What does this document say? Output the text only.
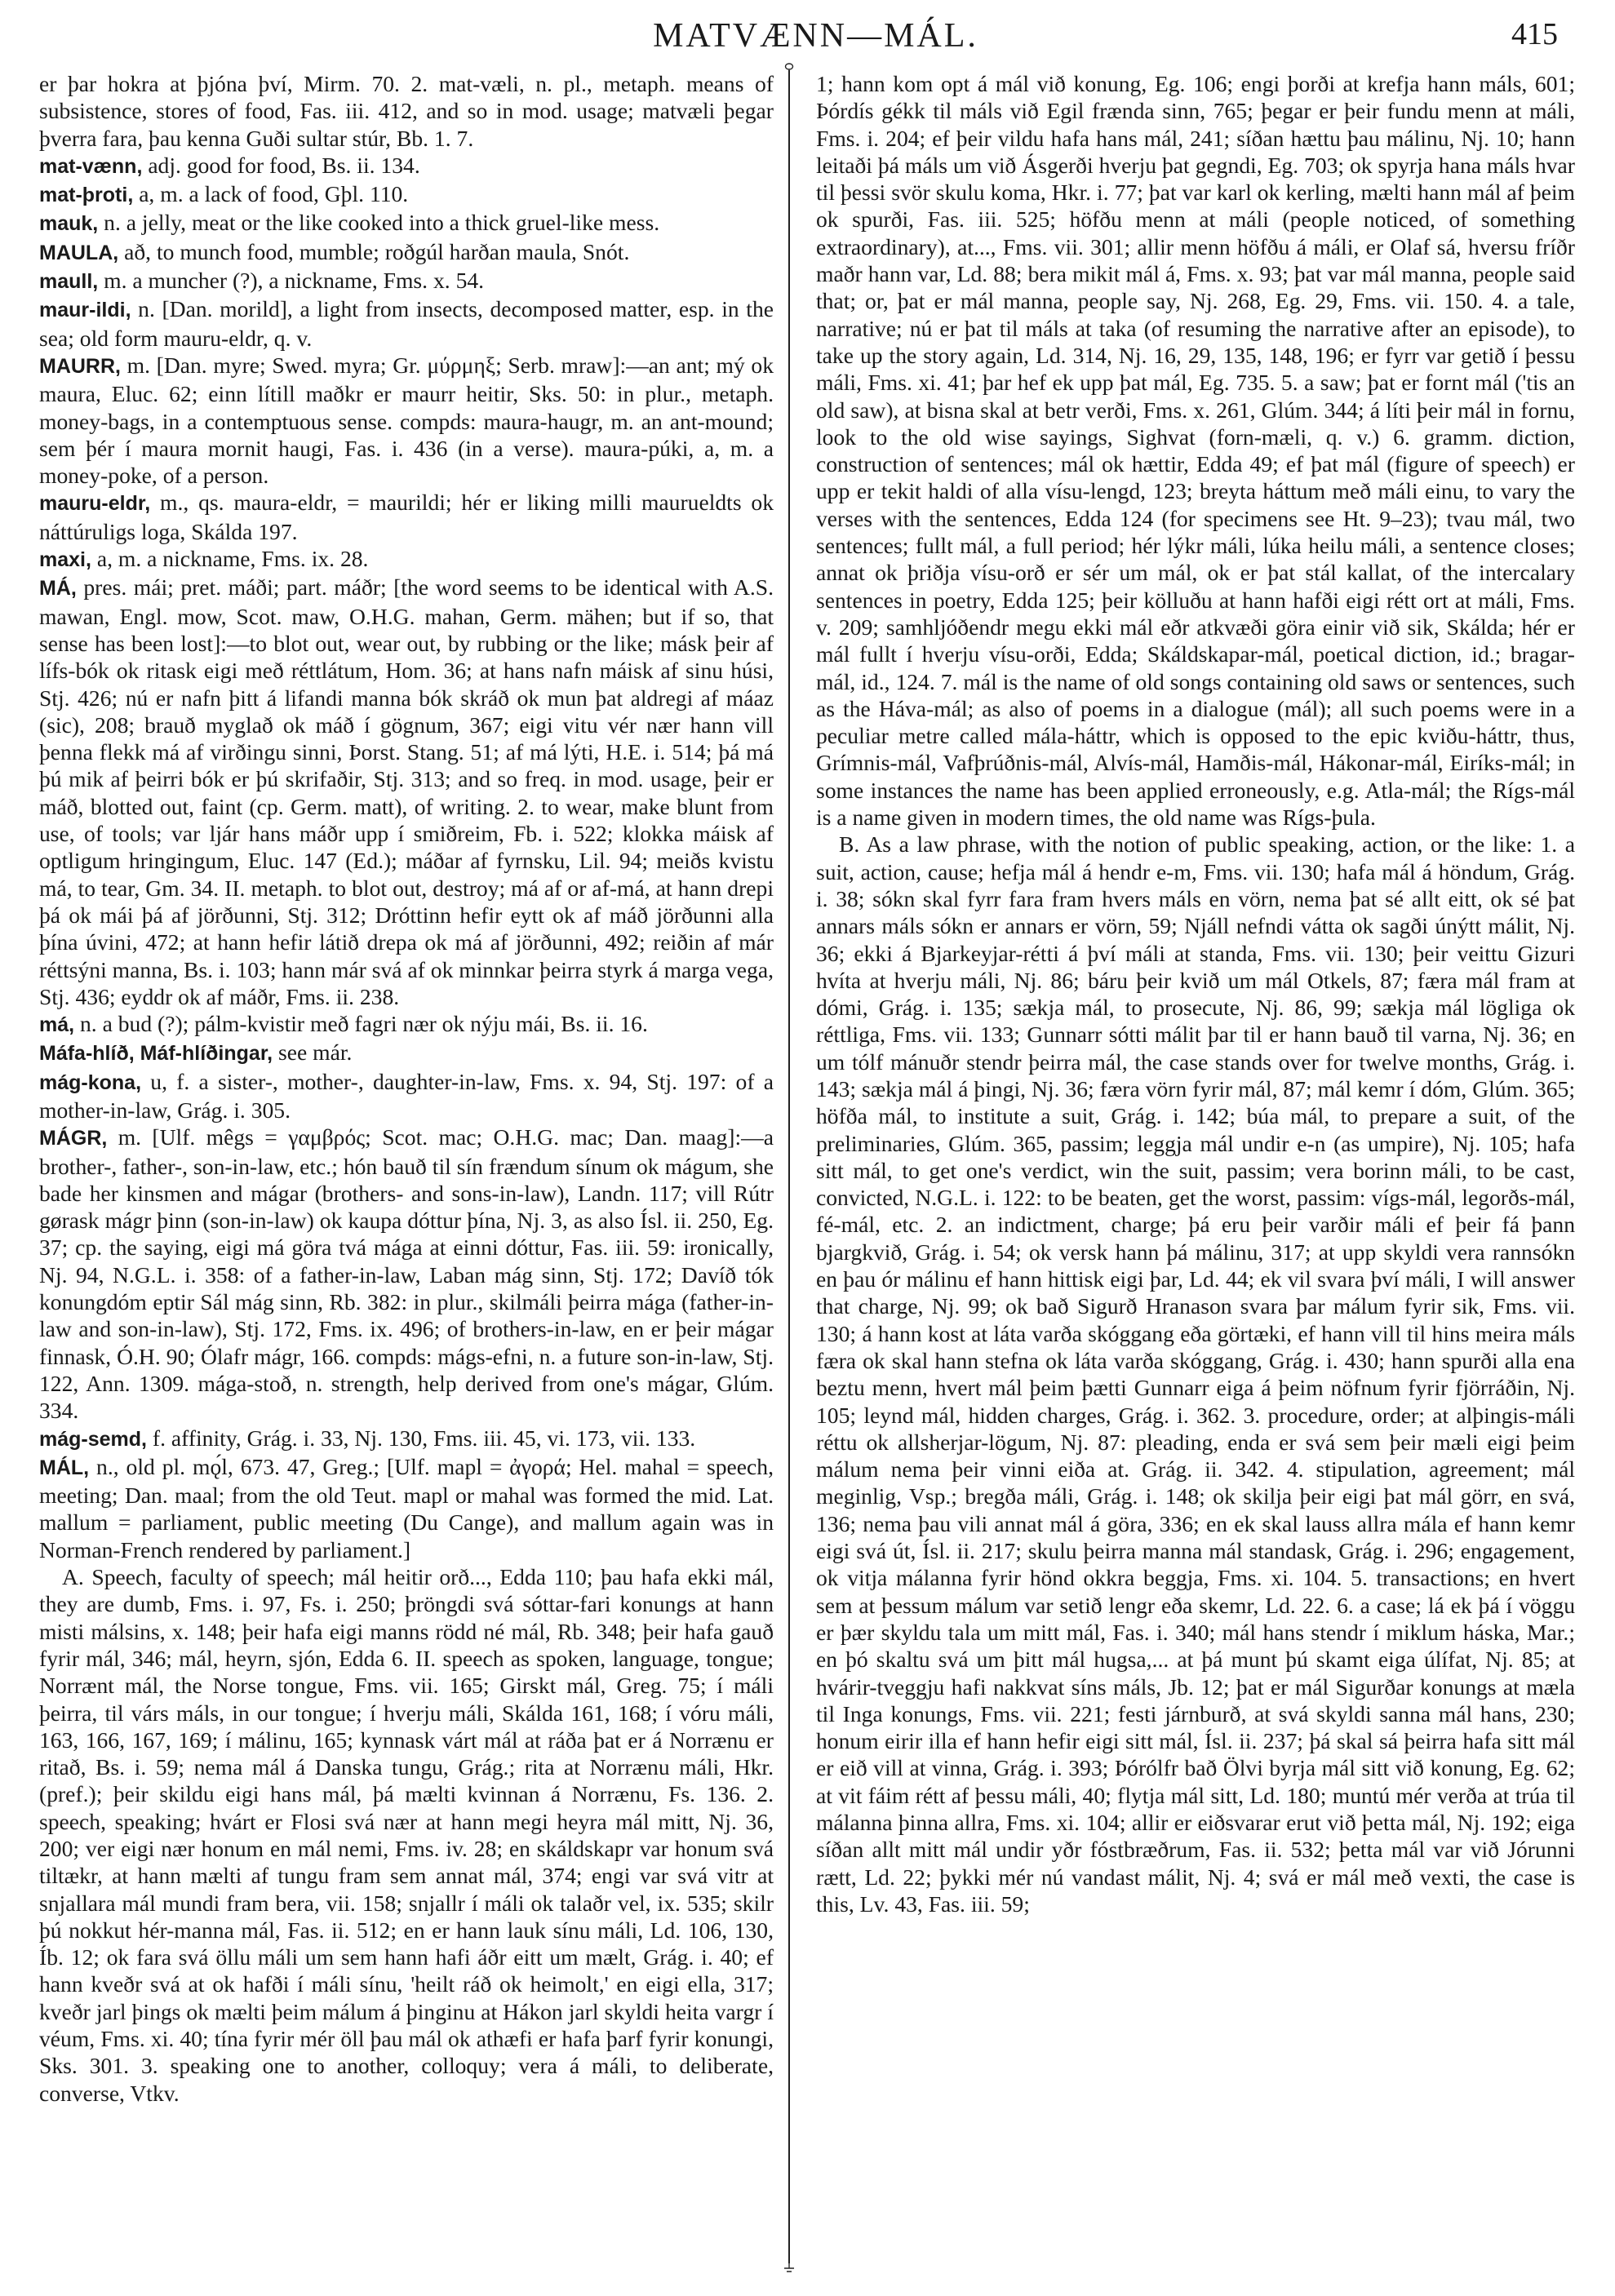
MATVÆNN—MÁL.	415

er þar hokra at þjóna því, Mirm. 70. 2. mat-væli, n. pl., metaph. means of subsistence, stores of food, Fas. iii. 412, and so in mod. usage; matvæli þegar þverra fara, þau kenna Guði sultar stúr, Bb. 1. 7.

mat-vænn, adj. good for food, Bs. ii. 134.

mat-þroti, a, m. a lack of food, Gþl. 110.

mauk, n. a jelly, meat or the like cooked into a thick gruel-like mess.

MAULA, að, to munch food, mumble; roðgúl harðan maula, Snót.

maull, m. a muncher (?), a nickname, Fms. x. 54.

maur-ildi, n. [Dan. morild], a light from insects, decomposed matter, esp. in the sea; old form mauru-eldr, q. v.

MAURR, m. [Dan. myre; Swed. myra; Gr. μύρμηξ; Serb. mraw]:—an ant; mý ok maura, Eluc. 62; einn lítill maðkr er maurr heitir, Sks. 50: in plur., metaph. money-bags, in a contemptuous sense. compds: maura-haugr, m. an ant-mound; sem þér í maura mornit haugi, Fas. i. 436 (in a verse). maura-púki, a, m. a money-poke, of a person.

mauru-eldr, m., qs. maura-eldr, = maurildi; hér er liking milli maurueldts ok náttúruligs loga, Skálda 197.

maxi, a, m. a nickname, Fms. ix. 28.

MÁ, pres. mái; pret. máði; part. máðr; [the word seems to be identical with A.S. mawan, Engl. mow, Scot. maw, O.H.G. mahan, Germ. mähen; but if so, that sense has been lost]:—to blot out, wear out, by rubbing or the like; másk þeir af lífs-bók ok ritask eigi með réttlátum, Hom. 36; at hans nafn máisk af sinu húsi, Stj. 426; nú er nafn þitt á lifandi manna bók skráð ok mun þat aldregi af máaz (sic), 208; brauð myglað ok máð í gögnum, 367; eigi vitu vér nær hann vill þenna flekk má af virðingu sinni, Þorst. Stang. 51; af má lýti, H.E. i. 514; þá má þú mik af þeirri bók er þú skrifaðir, Stj. 313; and so freq. in mod. usage, þeir er máð, blotted out, faint (cp. Germ. matt), of writing. 2. to wear, make blunt from use, of tools; var ljár hans máðr upp í smiðreim, Fb. i. 522; klokka máisk af optligum hringingum, Eluc. 147 (Ed.); máðar af fyrnsku, Lil. 94; meiðs kvistu má, to tear, Gm. 34. II. metaph. to blot out, destroy; má af or af-má, at hann drepi þá ok mái þá af jörðunni, Stj. 312; Dróttinn hefir eytt ok af máð jörðunni alla þína úvini, 472; at hann hefir látið drepa ok má af jörðunni, 492; reiðin af már réttsýni manna, Bs. i. 103; hann már svá af ok minnkar þeirra styrk á marga vega, Stj. 436; eyddr ok af máðr, Fms. ii. 238.

má, n. a bud (?); pálm-kvistir með fagri nær ok nýju mái, Bs. ii. 16.

Máfa-hlíð, Máf-hlíðingar, see már.

mág-kona, u, f. a sister-, mother-, daughter-in-law, Fms. x. 94, Stj. 197: of a mother-in-law, Grág. i. 305.

MÁGR, m. [Ulf. mêgs = γαμβρός; Scot. mac; O.H.G. mac; Dan. maag]:—a brother-, father-, son-in-law, etc.; hón bauð til sín frændum sínum ok mágum, she bade her kinsmen and mágar (brothers- and sons-in-law), Landn. 117; vill Rútr gørask mágr þinn (son-in-law) ok kaupa dóttur þína, Nj. 3, as also Ísl. ii. 250, Eg. 37; cp. the saying, eigi má göra tvá mága at einni dóttur, Fas. iii. 59: ironically, Nj. 94, N.G.L. i. 358: of a father-in-law, Laban mág sinn, Stj. 172; Davíð tók konungdóm eptir Sál mág sinn, Rb. 382: in plur., skilmáli þeirra mága (father-in-law and son-in-law), Stj. 172, Fms. ix. 496; of brothers-in-law, en er þeir mágar finnask, Ó.H. 90; Ólafr mágr, 166. compds: mágs-efni, n. a future son-in-law, Stj. 122, Ann. 1309. mága-stoð, n. strength, help derived from one's mágar, Glúm. 334.

mág-semd, f. affinity, Grág. i. 33, Nj. 130, Fms. iii. 45, vi. 173, vii. 133.

MÁL, n., old pl. mǫ́l, 673. 47, Greg.; [Ulf. mapl = ἀγορά; Hel. mahal = speech, meeting; Dan. maal; from the old Teut. mapl or mahal was formed the mid. Lat. mallum = parliament, public meeting (Du Cange), and mallum again was in Norman-French rendered by parliament.]

A. Speech, faculty of speech; mál heitir orð..., Edda 110; þau hafa ekki mál, they are dumb, Fms. i. 97, Fs. i. 250; þröngdi svá sóttar-fari konungs at hann misti málsins, x. 148; þeir hafa eigi manns rödd né mál, Rb. 348; þeir hafa gauð fyrir mál, 346; mál, heyrn, sjón, Edda 6. II. speech as spoken, language, tongue; Norrænt mál, the Norse tongue, Fms. vii. 165; Girskt mál, Greg. 75; í máli þeirra, til várs máls, in our tongue; í hverju máli, Skálda 161, 168; í vóru máli, 163, 166, 167, 169; í málinu, 165; kynnask várt mál at ráða þat er á Norrænu er ritað, Bs. i. 59; nema mál á Danska tungu, Grág.; rita at Norrænu máli, Hkr. (pref.); þeir skildu eigi hans mál, þá mælti kvinnan á Norrænu, Fs. 136. 2. speech, speaking; hvárt er Flosi svá nær at hann megi heyra mál mitt, Nj. 36, 200; ver eigi nær honum en mál nemi, Fms. iv. 28; en skáldskapr var honum svá tiltækr, at hann mælti af tungu fram sem annat mál, 374; engi var svá vitr at snjallara mál mundi fram bera, vii. 158; snjallr í máli ok talaðr vel, ix. 535; skilr þú nokkut hér-manna mál, Fas. ii. 512; en er hann lauk sínu máli, Ld. 106, 130, Íb. 12; ok fara svá öllu máli um sem hann hafi áðr eitt um mælt, Grág. i. 40; ef hann kveðr svá at ok hafði í máli sínu, 'heilt ráð ok heimolt,' en eigi ella, 317; kveðr jarl þings ok mælti þeim málum á þinginu at Hákon jarl skyldi heita vargr í véum, Fms. xi. 40; tína fyrir mér öll þau mál ok athæfi er hafa þarf fyrir konungi, Sks. 301. 3. speaking one to another, colloquy; vera á máli, to deliberate, converse, Vtkv.

1; hann kom opt á mál við konung, Eg. 106; engi þorði at krefja hann máls, 601; Þórdís gékk til máls við Egil frænda sinn, 765; þegar er þeir fundu menn at máli, Fms. i. 204; ef þeir vildu hafa hans mál, 241; síðan hættu þau málinu, Nj. 10; hann leitaði þá máls um við Ásgerði hverju þat gegndi, Eg. 703; ok spyrja hana máls hvar til þessi svör skulu koma, Hkr. i. 77; þat var karl ok kerling, mælti hann mál af þeim ok spurði, Fas. iii. 525; höfðu menn at máli (people noticed, of something extraordinary), at..., Fms. vii. 301; allir menn höfðu á máli, er Olaf sá, hversu fríðr maðr hann var, Ld. 88; bera mikit mál á, Fms. x. 93; þat var mál manna, people said that; or, þat er mál manna, people say, Nj. 268, Eg. 29, Fms. vii. 150. 4. a tale, narrative; nú er þat til máls at taka (of resuming the narrative after an episode), to take up the story again, Ld. 314, Nj. 16, 29, 135, 148, 196; er fyrr var getið í þessu máli, Fms. xi. 41; þar hef ek upp þat mál, Eg. 735. 5. a saw; þat er fornt mál ('tis an old saw), at bisna skal at betr verði, Fms. x. 261, Glúm. 344; á líti þeir mál in fornu, look to the old wise sayings, Sighvat (forn-mæli, q. v.) 6. gramm. diction, construction of sentences; mál ok hættir, Edda 49; ef þat mál (figure of speech) er upp er tekit haldi of alla vísu-lengd, 123; breyta háttum með máli einu, to vary the verses with the sentences, Edda 124 (for specimens see Ht. 9–23); tvau mál, two sentences; fullt mál, a full period; hér lýkr máli, lúka heilu máli, a sentence closes; annat ok þriðja vísu-orð er sér um mál, ok er þat stál kallat, of the intercalary sentences in poetry, Edda 125; þeir kölluðu at hann hafði eigi rétt ort at máli, Fms. v. 209; samhljóðendr megu ekki mál eðr atkvæði göra einir við sik, Skálda; hér er mál fullt í hverju vísu-orði, Edda; Skáldskapar-mál, poetical diction, id.; bragar-mál, id., 124. 7. mál is the name of old songs containing old saws or sentences, such as the Háva-mál; as also of poems in a dialogue (mál); all such poems were in a peculiar metre called mála-háttr, which is opposed to the epic kviðu-háttr, thus, Grímnis-mál, Vafþrúðnis-mál, Alvís-mál, Hamðis-mál, Hákonar-mál, Eiríks-mál; in some instances the name has been applied erroneously, e.g. Atla-mál; the Rígs-mál is a name given in modern times, the old name was Rígs-þula.

B. As a law phrase, with the notion of public speaking, action, or the like: 1. a suit, action, cause; hefja mál á hendr e-m, Fms. vii. 130; hafa mál á höndum, Grág. i. 38; sókn skal fyrr fara fram hvers máls en vörn, nema þat sé allt eitt, ok sé þat annars máls sókn er annars er vörn, 59; Njáll nefndi vátta ok sagði únýtt málit, Nj. 36; ekki á Bjarkeyjar-rétti á því máli at standa, Fms. vii. 130; þeir veittu Gizuri hvíta at hverju máli, Nj. 86; báru þeir kvið um mál Otkels, 87; færa mál fram at dómi, Grág. i. 135; sækja mál, to prosecute, Nj. 86, 99; sækja mál lögliga ok réttliga, Fms. vii. 133; Gunnarr sótti málit þar til er hann bauð til varna, Nj. 36; en um tólf mánuðr stendr þeirra mál, the case stands over for twelve months, Grág. i. 143; sækja mál á þingi, Nj. 36; færa vörn fyrir mál, 87; mál kemr í dóm, Glúm. 365; höfða mál, to institute a suit, Grág. i. 142; búa mál, to prepare a suit, of the preliminaries, Glúm. 365, passim; leggja mál undir e-n (as umpire), Nj. 105; hafa sitt mál, to get one's verdict, win the suit, passim; vera borinn máli, to be cast, convicted, N.G.L. i. 122: to be beaten, get the worst, passim: vígs-mál, legorðs-mál, fé-mál, etc. 2. an indictment, charge; þá eru þeir varðir máli ef þeir fá þann bjargkvið, Grág. i. 54; ok versk hann þá málinu, 317; at upp skyldi vera rannsókn en þau ór málinu ef hann hittisk eigi þar, Ld. 44; ek vil svara því máli, I will answer that charge, Nj. 99; ok bað Sigurð Hranason svara þar málum fyrir sik, Fms. vii. 130; á hann kost at láta varða skóggang eða görtæki, ef hann vill til hins meira máls færa ok skal hann stefna ok láta varða skóggang, Grág. i. 430; hann spurði alla ena beztu menn, hvert mál þeim þætti Gunnarr eiga á þeim nöfnum fyrir fjörráðin, Nj. 105; leynd mál, hidden charges, Grág. i. 362. 3. procedure, order; at alþingis-máli réttu ok allsherjar-lögum, Nj. 87: pleading, enda er svá sem þeir mæli eigi þeim málum nema þeir vinni eiða at. Grág. ii. 342. 4. stipulation, agreement; mál meginlig, Vsp.; bregða máli, Grág. i. 148; ok skilja þeir eigi þat mál görr, en svá, 136; nema þau vili annat mál á göra, 336; en ek skal lauss allra mála ef hann kemr eigi svá út, Ísl. ii. 217; skulu þeirra manna mál standask, Grág. i. 296; engagement, ok vitja málanna fyrir hönd okkra beggja, Fms. xi. 104. 5. transactions; en hvert sem at þessum málum var setið lengr eða skemr, Ld. 22. 6. a case; lá ek þá í vöggu er þær skyldu tala um mitt mál, Fas. i. 340; mál hans stendr í miklum háska, Mar.; en þó skaltu svá um þitt mál hugsa,... at þá munt þú skamt eiga úlífat, Nj. 85; at hvárir-tveggju hafi nakkvat síns máls, Jb. 12; þat er mál Sigurðar konungs at mæla til Inga konungs, Fms. vii. 221; festi járnburð, at svá skyldi sanna mál hans, 230; honum eirir illa ef hann hefir eigi sitt mál, Ísl. ii. 237; þá skal sá þeirra hafa sitt mál er eið vill at vinna, Grág. i. 393; Þórólfr bað Ölvi byrja mál sitt við konung, Eg. 62; at vit fáim rétt af þessu máli, 40; flytja mál sitt, Ld. 180; muntú mér verða at trúa til málanna þinna allra, Fms. xi. 104; allir er eiðsvarar erut við þetta mál, Nj. 192; eiga síðan allt mitt mál undir yðr fóstbræðrum, Fas. ii. 532; þetta mál var við Jórunni rætt, Ld. 22; þykki mér nú vandast málit, Nj. 4; svá er mál með vexti, the case is this, Lv. 43, Fas. iii. 59;
